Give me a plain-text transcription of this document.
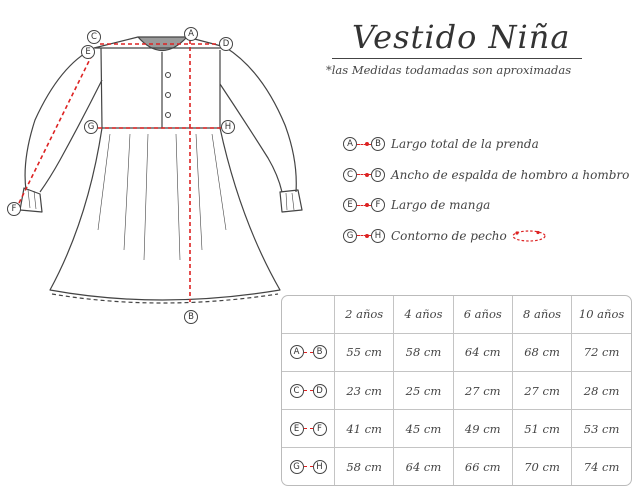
A
B
C
D
E
F
G	H
Vestido Niña
*las Medidas todamadas son aproximadas
A	B Largo total de la prenda
C	D Ancho de espalda de hombro a hombro
E	F Largo de manga
G	H Contorno de pecho
	2 años	4 años	6 años	8 años	10 años

A B	55 cm	58 cm	64 cm	68 cm	72 cm

C D	23 cm	25 cm	27 cm	27 cm	28 cm

E F	41 cm	45 cm	49 cm	51 cm	53 cm

G H	58 cm	64 cm	66 cm	70 cm	74 cm
